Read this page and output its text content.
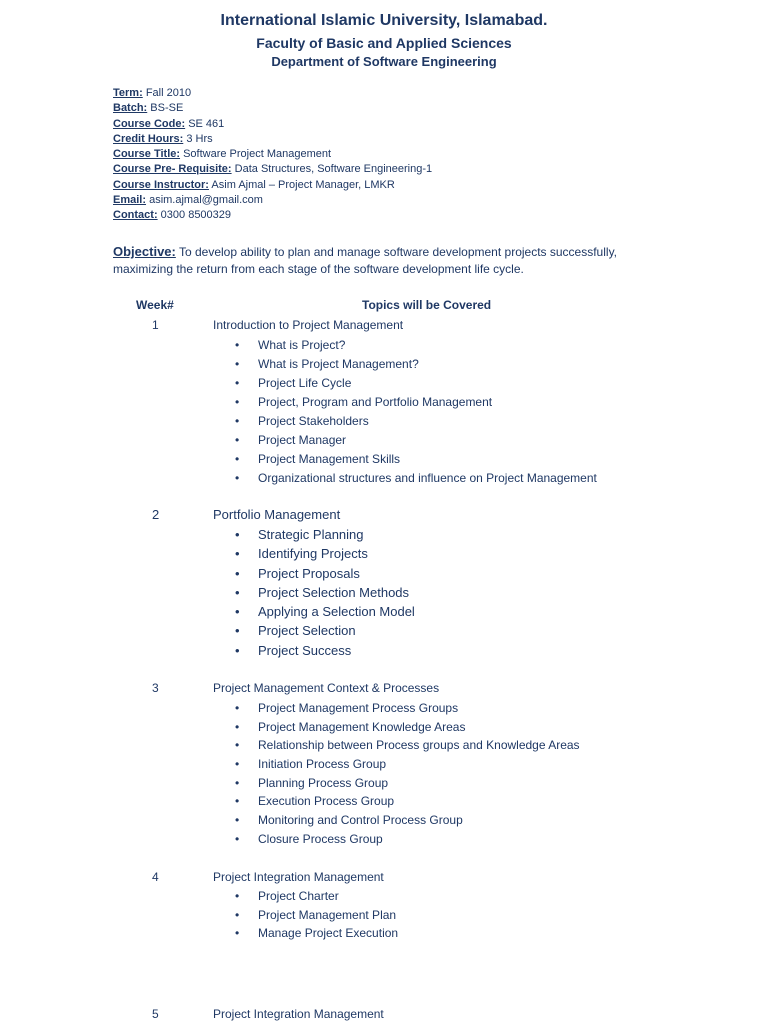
International Islamic University, Islamabad.
Faculty of Basic and Applied Sciences
Department of Software Engineering
Term: Fall 2010
Batch: BS-SE
Course Code: SE 461
Credit Hours: 3 Hrs
Course Title: Software Project Management
Course Pre- Requisite: Data Structures, Software Engineering-1
Course Instructor: Asim Ajmal – Project Manager, LMKR
Email: asim.ajmal@gmail.com
Contact: 0300 8500329
Objective: To develop ability to plan and manage software development projects successfully, maximizing the return from each stage of the software development life cycle.
Week#	Topics will be Covered
1	Introduction to Project Management
• What is Project?
• What is Project Management?
• Project Life Cycle
• Project, Program and Portfolio Management
• Project Stakeholders
• Project Manager
• Project Management Skills
• Organizational structures and influence on Project Management
2	Portfolio Management
• Strategic Planning
• Identifying Projects
• Project Proposals
• Project Selection Methods
• Applying a Selection Model
• Project Selection
• Project Success
3	Project Management Context & Processes
• Project Management Process Groups
• Project Management Knowledge Areas
• Relationship between Process groups and Knowledge Areas
• Initiation Process Group
• Planning Process Group
• Execution Process Group
• Monitoring and Control Process Group
• Closure Process Group
4	Project Integration Management
• Project Charter
• Project Management Plan
• Manage Project Execution
5	Project Integration Management
